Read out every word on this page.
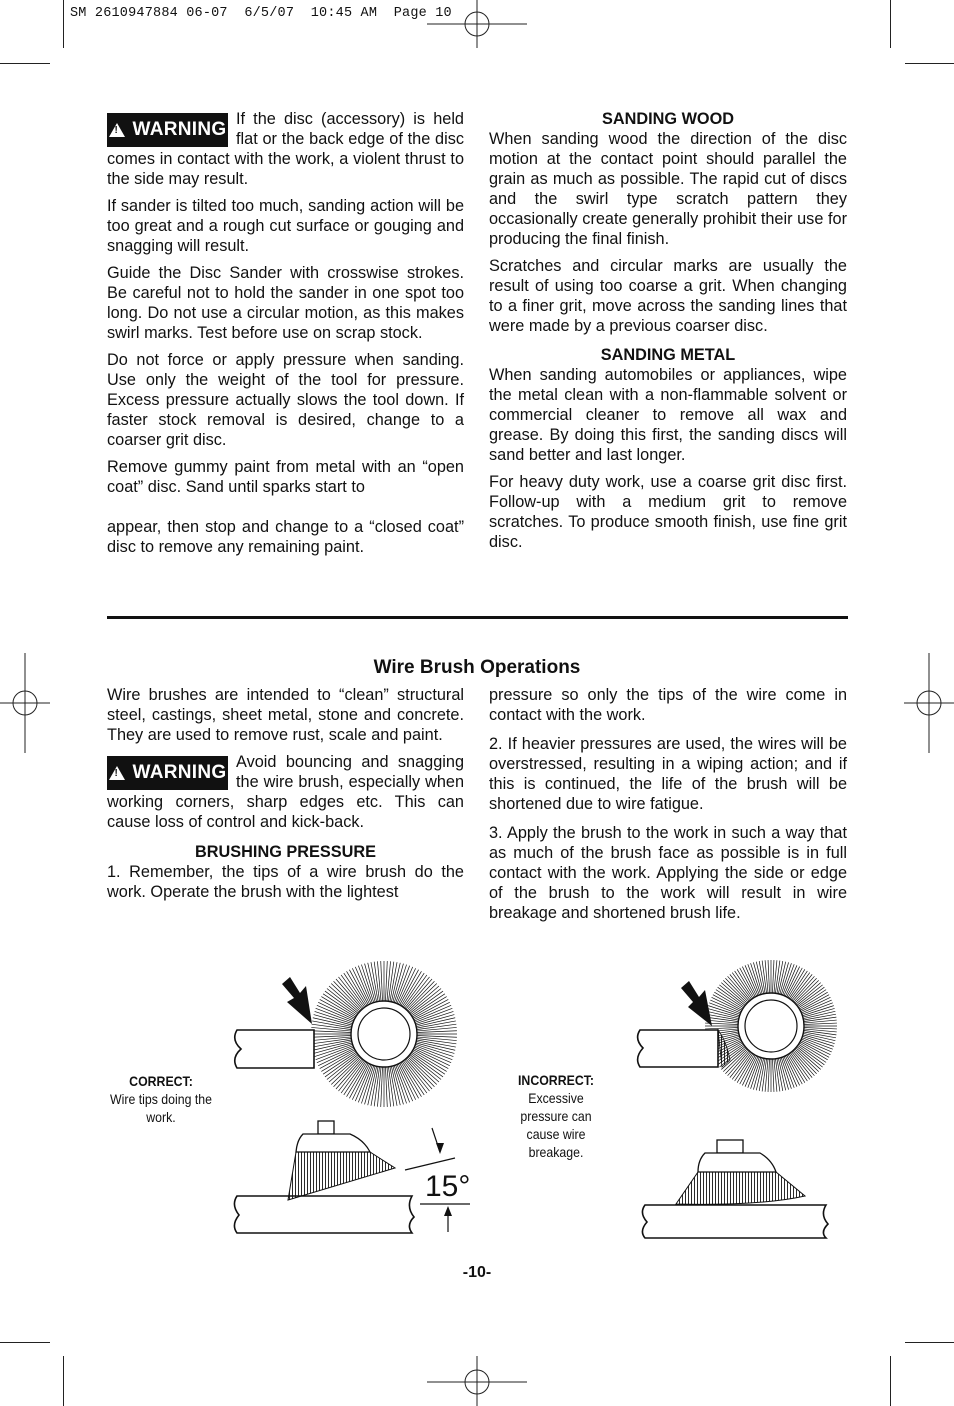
SM 2610947884 06-07  6/5/07  10:45 AM  Page 10

! WARNING If the disc (accessory) is held flat or the back edge of the disc comes in contact with the work, a violent thrust to the side may result.

If sander is tilted too much, sanding action will be too great and a rough cut surface or gouging and snagging will result.

Guide the Disc Sander with crosswise strokes. Be careful not to hold the sander in one spot too long. Do not use a circular motion, as this makes swirl marks. Test before use on scrap stock.

Do not force or apply pressure when sanding. Use only the weight of the tool for pressure. Excess pressure actually slows the tool down. If faster stock removal is desired, change to a coarser grit disc.

Remove gummy paint from metal with an “open coat” disc. Sand until sparks start to

appear, then stop and change to a “closed coat” disc to remove any remaining paint.

SANDING WOOD

When sanding wood the direction of the disc motion at the contact point should parallel the grain as much as possible. The rapid cut of discs and the swirl type scratch pattern they occasionally create generally prohibit their use for producing the final finish.

Scratches and circular marks are usually the result of using too coarse a grit. When changing to a finer grit, move across the sanding lines that were made by a previous coarser disc.

SANDING METAL

When sanding automobiles or appliances, wipe the metal clean with a non-flammable solvent or commercial cleaner to remove all wax and grease. By doing this first, the sanding discs will sand better and last longer.

For heavy duty work, use a coarse grit disc first. Follow-up with a medium grit to remove scratches. To produce smooth finish, use fine grit disc.

Wire Brush Operations

Wire brushes are intended to “clean” structural steel, castings, sheet metal, stone and concrete. They are used to remove rust, scale and paint.

! WARNING Avoid bouncing and snagging the wire brush, especially when working corners, sharp edges etc. This can cause loss of control and kick-back.

BRUSHING PRESSURE

1. Remember, the tips of a wire brush do the work. Operate the brush with the lightest

pressure so only the tips of the wire come in contact with the work.

2. If heavier pressures are used, the wires will be overstressed, resulting in a wiping action; and if this is continued, the life of the brush will be shortened due to wire fatigue.

3. Apply the brush to the work in such a way that as much of the brush face as possible is in full contact with the work. Applying the side or edge of the brush to the work will result in wire breakage and shortened brush life.

CORRECT:
Wire tips doing the work.
INCORRECT:
Excessive pressure can cause wire breakage.
15°
-10-
